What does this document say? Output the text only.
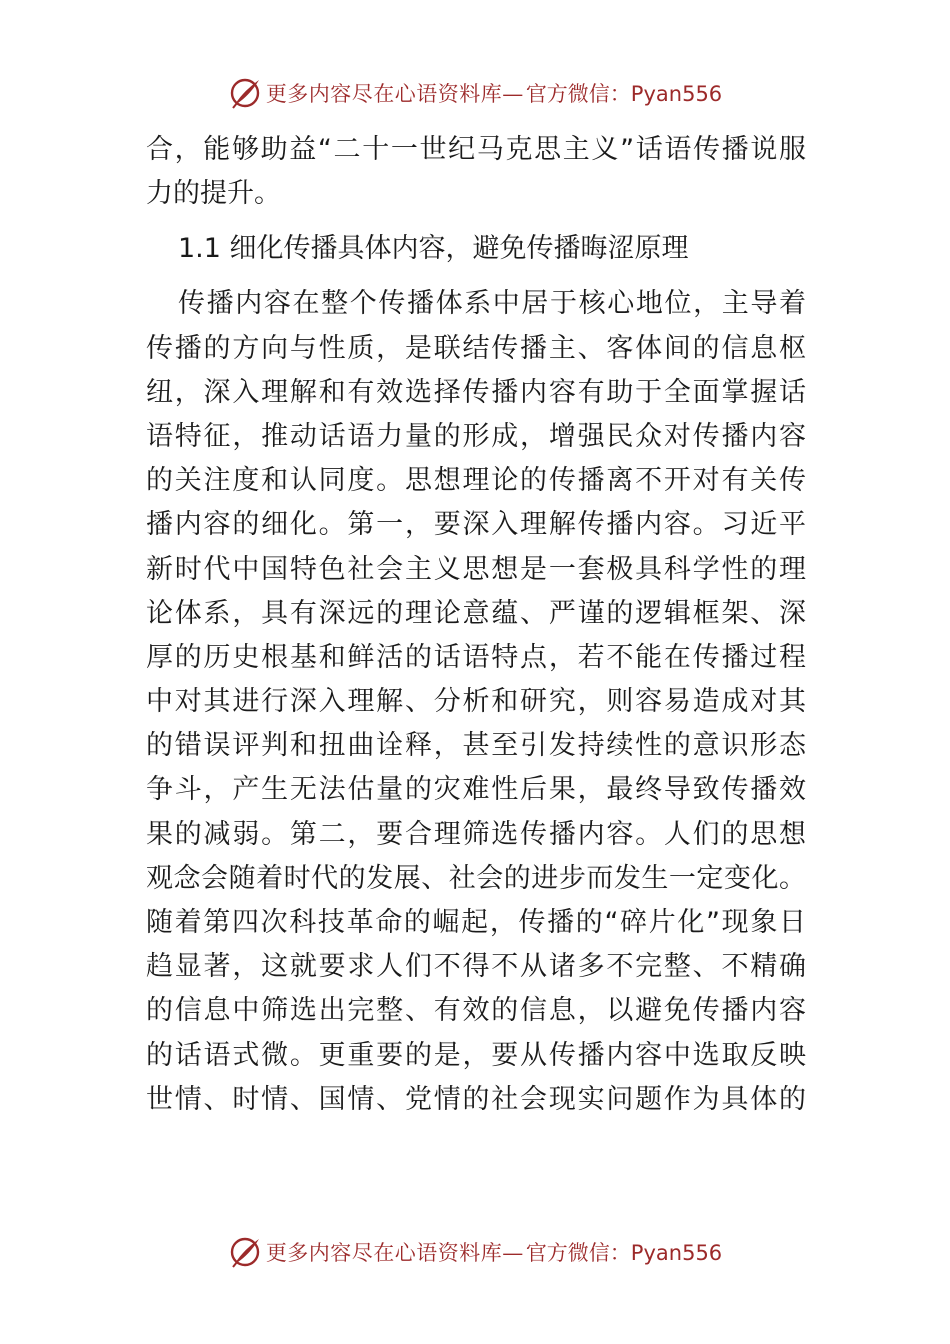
更多内容尽在心语资料库— 官方微信：Pyan556
合，能够助益“二十一世纪马克思主义”话语传播说服
力的提升。
1.1 细化传播具体内容，避免传播晦涩原理
传播内容在整个传播体系中居于核心地位，主导着
传播的方向与性质，是联结传播主、客体间的信息枢
纽，深入理解和有效选择传播内容有助于全面掌握话
语特征，推动话语力量的形成，增强民众对传播内容
的关注度和认同度。思想理论的传播离不开对有关传
播内容的细化。第一，要深入理解传播内容。习近平
新时代中国特色社会主义思想是一套极具科学性的理
论体系，具有深远的理论意蕴、严谨的逻辑框架、深
厚的历史根基和鲜活的话语特点，若不能在传播过程
中对其进行深入理解、分析和研究，则容易造成对其
的错误评判和扭曲诠释，甚至引发持续性的意识形态
争斗，产生无法估量的灾难性后果，最终导致传播效
果的减弱。第二，要合理筛选传播内容。人们的思想
观念会随着时代的发展、社会的进步而发生一定变化。
随着第四次科技革命的崛起，传播的“碎片化”现象日
趋显著，这就要求人们不得不从诸多不完整、不精确
的信息中筛选出完整、有效的信息，以避免传播内容
的话语式微。更重要的是，要从传播内容中选取反映
世情、时情、国情、党情的社会现实问题作为具体的
更多内容尽在心语资料库— 官方微信：Pyan556
